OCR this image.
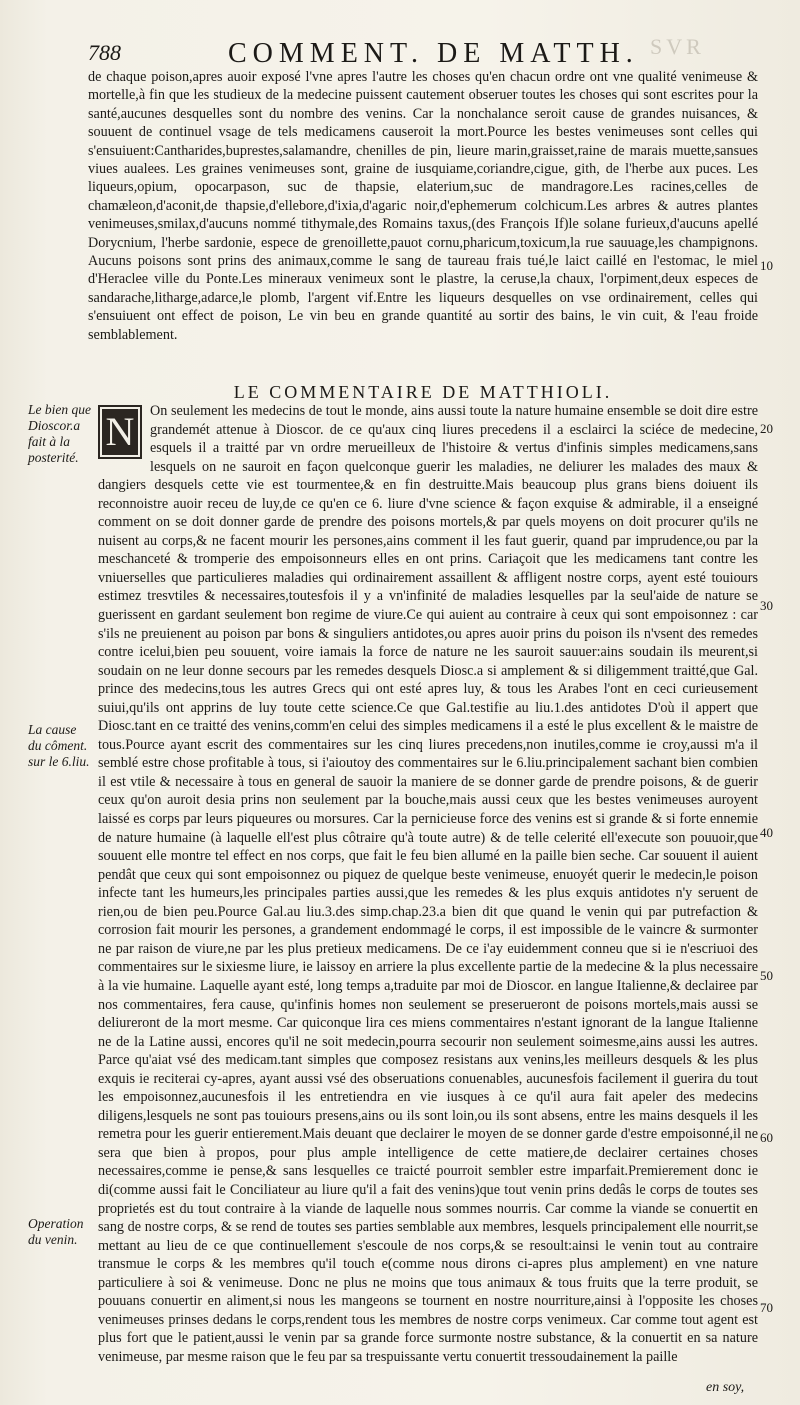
SVR
788	COMMENT. DE MATTH.
de chaque poison,apres auoir exposé l'vne apres l'autre les choses qu'en chacun ordre ont vne qualité venimeuse & mortelle,à fin que les studieux de la medecine puissent cautement obseruer toutes les choses qui sont escrites pour la santé,aucunes desquelles sont du nombre des venins. Car la nonchalance seroit cause de grandes nuisances, & souuent de continuel vsage de tels medicamens causeroit la mort.Pource les bestes venimeuses sont celles qui s'ensuiuent:Cantharides,buprestes,salamandre, chenilles de pin, lieure marin,graisset,raine de marais muette,sansues viues aualees. Les graines venimeuses sont, graine de iusquiame,coriandre,cigue, gith, de l'herbe aux puces. Les liqueurs,opium, opocarpason, suc de thapsie, elaterium,suc de mandragore.Les racines,celles de chamæleon,d'aconit,de thapsie,d'ellebore,d'ixia,d'agaric noir,d'ephemerum colchicum.Les arbres & autres plantes venimeuses,smilax,d'aucuns nommé tithymale,des Romains taxus,(des François If)le solane furieux,d'aucuns apellé Dorycnium, l'herbe sardonie, espece de grenoillette,pauot cornu,pharicum,toxicum,la rue sauuage,les champignons. Aucuns poisons sont prins des animaux,comme le sang de taureau frais tué,le laict caillé en l'estomac, le miel d'Heraclee ville du Ponte.Les mineraux venimeux sont le plastre, la ceruse,la chaux, l'orpiment,deux especes de sandarache,litharge,adarce,le plomb, l'argent vif.Entre les liqueurs desquelles on vse ordinairement, celles qui s'ensuiuent ont effect de poison, Le vin beu en grande quantité au sortir des bains, le vin cuit, & l'eau froide semblablement.
LE COMMENTAIRE DE MATTHIOLI.
N	On seulement les medecins de tout le monde, ains aussi toute la nature humaine ensemble se doit dire estre grandemét attenue à Dioscor. de ce qu'aux cinq liures precedens il a esclairci la sciéce de medecine, esquels il a traitté par vn ordre merueilleux de l'histoire & vertus d'infinis simples medicamens,sans lesquels on ne sauroit en façon quelconque guerir les maladies, ne deliurer les malades des maux & dangiers desquels cette vie est tourmentee,& en fin destruitte.Mais beaucoup plus grans biens doiuent ils reconnoistre auoir receu de luy,de ce qu'en ce 6. liure d'vne science & façon exquise & admirable, il a enseigné comment on se doit donner garde de prendre des poisons mortels,& par quels moyens on doit procurer qu'ils ne nuisent au corps,& ne facent mourir les persones,ains comment il les faut guerir, quand par imprudence,ou par la meschanceté & tromperie des empoisonneurs elles en ont prins. Cariaçoit que les medicamens tant contre les vniuerselles que particulieres maladies qui ordinairement assaillent & affligent nostre corps, ayent esté touiours estimez tresvtiles & necessaires,toutesfois il y a vn'infinité de maladies lesquelles par la seul'aide de nature se guerissent en gardant seulement bon regime de viure.Ce qui auient au contraire à ceux qui sont empoisonnez : car s'ils ne preuienent au poison par bons & singuliers antidotes,ou apres auoir prins du poison ils n'vsent des remedes contre icelui,bien peu souuent, voire iamais la force de nature ne les sauroit sauuer:ains soudain ils meurent,si soudain on ne leur donne secours par les remedes desquels Diosc.a si amplement & si diligemment traitté,que Gal. prince des medecins,tous les autres Grecs qui ont esté apres luy, & tous les Arabes l'ont en ceci curieusement suiui,qu'ils ont apprins de luy toute cette science.Ce que Gal.testifie au liu.1.des antidotes D'où il appert que Diosc.tant en ce traitté des venins,comm'en celui des simples medicamens il a esté le plus excellent & le maistre de tous.Pource ayant escrit des commentaires sur les cinq liures precedens,non inutiles,comme ie croy,aussi m'a il semblé estre chose profitable à tous, si i'aioutoy des commentaires sur le 6.liu.principalement sachant bien combien il est vtile & necessaire à tous en general de sauoir la maniere de se donner garde de prendre poisons, & de guerir ceux qu'on auroit desia prins non seulement par la bouche,mais aussi ceux que les bestes venimeuses auroyent laissé es corps par leurs piqueures ou morsures. Car la pernicieuse force des venins est si grande & si forte ennemie de nature humaine (à laquelle ell'est plus côtraire qu'à toute autre) & de telle celerité ell'execute son pouuoir,que souuent elle montre tel effect en nos corps, que fait le feu bien allumé en la paille bien seche. Car souuent il auient pendât que ceux qui sont empoisonnez ou piquez de quelque beste venimeuse, enuoyét querir le medecin,le poison infecte tant les humeurs,les principales parties aussi,que les remedes & les plus exquis antidotes n'y seruent de rien,ou de bien peu.Pource Gal.au liu.3.des simp.chap.23.a bien dit que quand le venin qui par putrefaction & corrosion fait mourir les persones, a grandement endommagé le corps, il est impossible de le vaincre & surmonter ne par raison de viure,ne par les plus pretieux medicamens. De ce i'ay euidemment conneu que si ie n'escriuoi des commentaires sur le sixiesme liure, ie laissoy en arriere la plus excellente partie de la medecine & la plus necessaire à la vie humaine. Laquelle ayant esté, long temps a,traduite par moi de Dioscor. en langue Italienne,& declairee par nos commentaires, fera cause, qu'infinis homes non seulement se preserueront de poisons mortels,mais aussi se deliureront de la mort mesme. Car quiconque lira ces miens commentaires n'estant ignorant de la langue Italienne ne de la Latine aussi, encores qu'il ne soit medecin,pourra secourir non seulement soimesme,ains aussi les autres. Parce qu'aiat vsé des medicam.tant simples que composez resistans aux venins,les meilleurs desquels & les plus exquis ie reciterai cy-apres, ayant aussi vsé des obseruations conuenables, aucunesfois facilement il guerira du tout les empoisonnez,aucunesfois il les entretiendra en vie iusques à ce qu'il aura fait apeler des medecins diligens,lesquels ne sont pas touiours presens,ains ou ils sont loin,ou ils sont absens, entre les mains desquels il les remetra pour les guerir entierement.Mais deuant que declairer le moyen de se donner garde d'estre empoisonné,il ne sera que bien à propos, pour plus ample intelligence de cette matiere,de declairer certaines choses necessaires,comme ie pense,& sans lesquelles ce traicté pourroit sembler estre imparfait.Premierement donc ie di(comme aussi fait le Conciliateur au liure qu'il a fait des venins)que tout venin prins dedâs le corps de toutes ses proprietés est du tout contraire à la viande de laquelle nous sommes nourris. Car comme la viande se conuertit en sang de nostre corps, & se rend de toutes ses parties semblable aux membres, lesquels principalement elle nourrit,se mettant au lieu de ce que continuellement s'escoule de nos corps,& se resoult:ainsi le venin tout au contraire transmue le corps & les membres qu'il touch e(comme nous dirons ci-apres plus amplement) en vne nature particuliere à soi & venimeuse. Donc ne plus ne moins que tous animaux & tous fruits que la terre produit, se pouuans conuertir en aliment,si nous les mangeons se tournent en nostre nourriture,ainsi à l'opposite les choses venimeuses prinses dedans le corps,rendent tous les membres de nostre corps venimeux. Car comme tout agent est plus fort que le patient,aussi le venin par sa grande force surmonte nostre substance, & la conuertit en sa nature venimeuse, par mesme raison que le feu par sa trespuissante vertu conuertit tressoudainement la paille
Le bien que Dioscor.a fait à la posterité.
La cause du côment. sur le 6.liu.
Operation du venin.
10
20
30
40
50
60
70
en soy,
